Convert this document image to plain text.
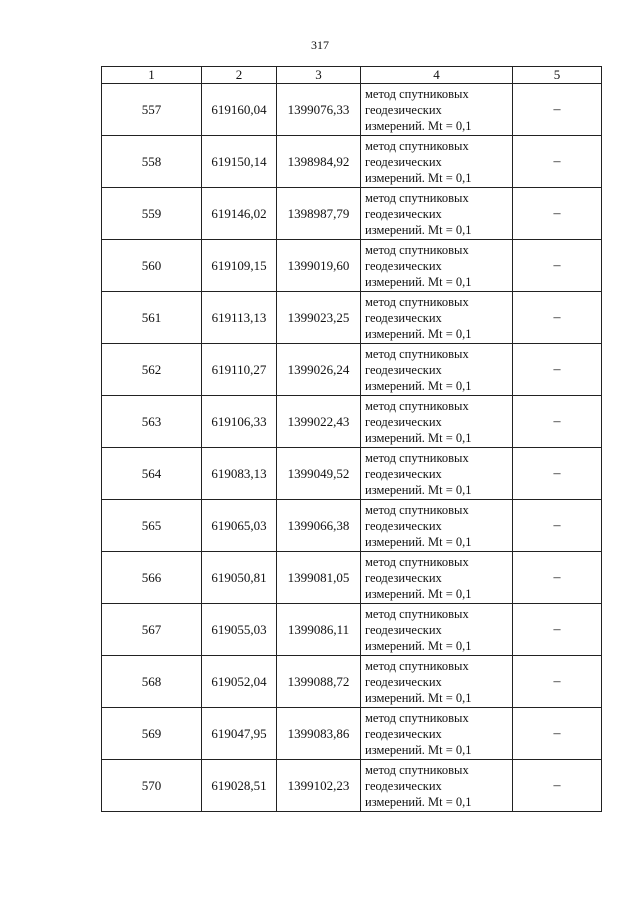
317
1	2	3	4	5
557	619160,04	1399076,33	метод спутниковых
геодезических
измерений. Mt = 0,1	–
558	619150,14	1398984,92	метод спутниковых
геодезических
измерений. Mt = 0,1	–
559	619146,02	1398987,79	метод спутниковых
геодезических
измерений. Mt = 0,1	–
560	619109,15	1399019,60	метод спутниковых
геодезических
измерений. Mt = 0,1	–
561	619113,13	1399023,25	метод спутниковых
геодезических
измерений. Mt = 0,1	–
562	619110,27	1399026,24	метод спутниковых
геодезических
измерений. Mt = 0,1	–
563	619106,33	1399022,43	метод спутниковых
геодезических
измерений. Mt = 0,1	–
564	619083,13	1399049,52	метод спутниковых
геодезических
измерений. Mt = 0,1	–
565	619065,03	1399066,38	метод спутниковых
геодезических
измерений. Mt = 0,1	–
566	619050,81	1399081,05	метод спутниковых
геодезических
измерений. Mt = 0,1	–
567	619055,03	1399086,11	метод спутниковых
геодезических
измерений. Mt = 0,1	–
568	619052,04	1399088,72	метод спутниковых
геодезических
измерений. Mt = 0,1	–
569	619047,95	1399083,86	метод спутниковых
геодезических
измерений. Mt = 0,1	–
570	619028,51	1399102,23	метод спутниковых
геодезических
измерений. Mt = 0,1	–
